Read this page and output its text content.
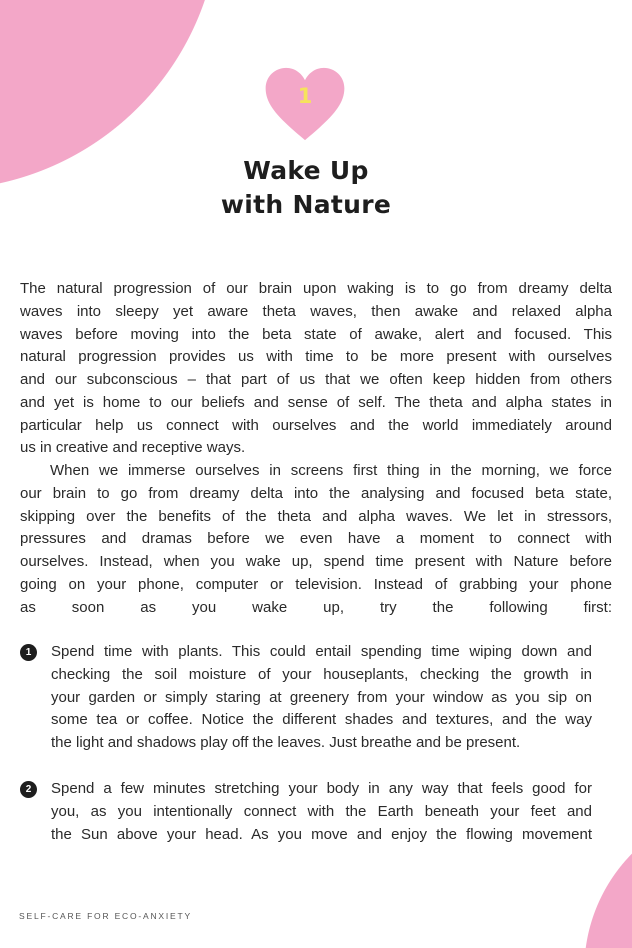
1
Wake Up
with Nature
The natural progression of our brain upon waking is to go from dreamy delta
waves into sleepy yet aware theta waves, then awake and relaxed alpha
waves before moving into the beta state of awake, alert and focused. This
natural progression provides us with time to be more present with ourselves
and our subconscious – that part of us that we often keep hidden from others
and yet is home to our beliefs and sense of self. The theta and alpha states in
particular help us connect with ourselves and the world immediately around
us in creative and receptive ways.
When we immerse ourselves in screens first thing in the morning, we force
our brain to go from dreamy delta into the analysing and focused beta state,
skipping over the benefits of the theta and alpha waves. We let in stressors,
pressures and dramas before we even have a moment to connect with
ourselves. Instead, when you wake up, spend time present with Nature before
going on your phone, computer or television. Instead of grabbing your phone
as soon as you wake up, try the following first:
1	Spend time with plants. This could entail spending time wiping down and
checking the soil moisture of your houseplants, checking the growth in
your garden or simply staring at greenery from your window as you sip on
some tea or coffee. Notice the different shades and textures, and the way
the light and shadows play off the leaves. Just breathe and be present.
2	Spend a few minutes stretching your body in any way that feels good for
you, as you intentionally connect with the Earth beneath your feet and
the Sun above your head. As you move and enjoy the flowing movement
SELF-CARE FOR ECO-ANXIETY
